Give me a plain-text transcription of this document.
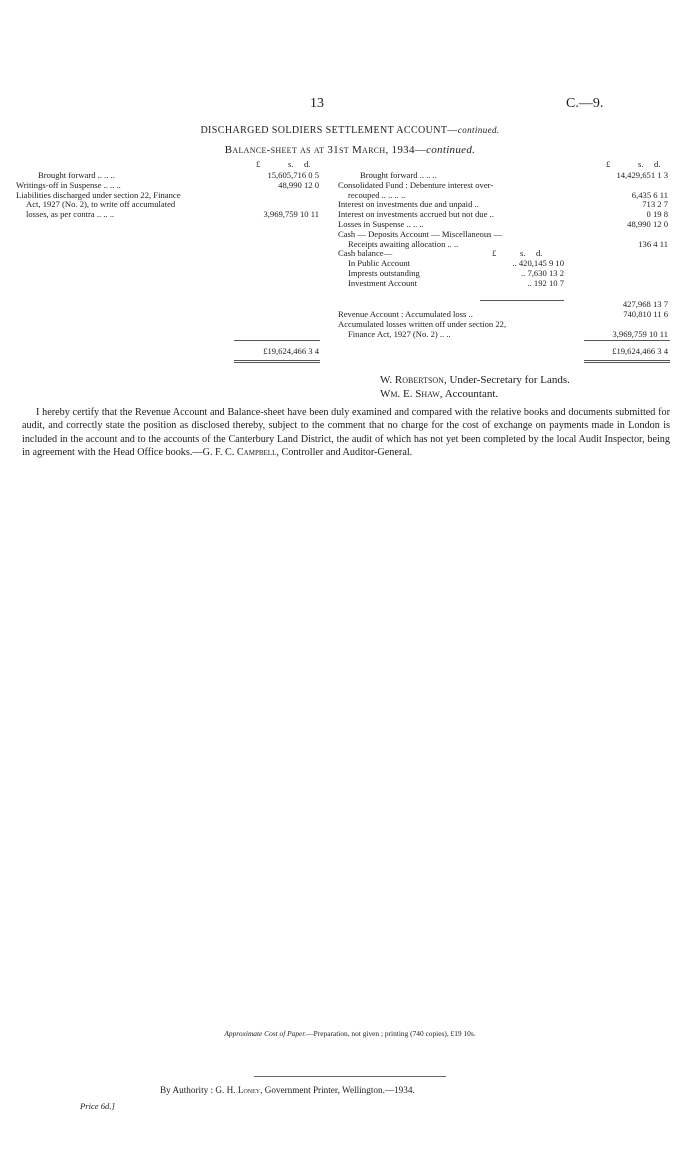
13	C.—9.
DISCHARGED SOLDIERS SETTLEMENT ACCOUNT—continued.
Balance-sheet as at 31st March, 1934—continued.
£	s. d.
Brought forward .. .. ..	15,605,716 0 5
Writings-off in Suspense .. .. ..	48,990 12 0
Liabilities discharged under section 22, Finance
Act, 1927 (No. 2), to write off accumulated
losses, as per contra .. .. ..	3,969,759 10 11
£19,624,466 3 4
£	s. d.
Brought forward .. .. ..	14,429,651 1 3
Consolidated Fund : Debenture interest over-
recouped .. .. .. ..	6,435 6 11
Interest on investments due and unpaid ..	713 2 7
Interest on investments accrued but not due ..	0 19 8
Losses in Suspense .. .. ..	48,990 12 0
Cash — Deposits Account — Miscellaneous —
Receipts awaiting allocation .. ..	136 4 11
Cash balance—	£	s. d.
In Public Account	.. 420,145 9 10
Imprests outstanding	.. 7,630 13 2
Investment Account	.. 192 10 7
427,968 13 7
Revenue Account : Accumulated loss ..	740,810 11 6
Accumulated losses written off under section 22,
Finance Act, 1927 (No. 2) .. ..	3,969,759 10 11
£19,624,466 3 4
W. Robertson, Under-Secretary for Lands.
Wm. E. Shaw, Accountant.
I hereby certify that the Revenue Account and Balance-sheet have been duly examined and compared with the relative books and documents submitted for audit, and correctly state the position as disclosed thereby, subject to the comment that no charge for the cost of exchange on payments made in London is included in the account and to the accounts of the Canterbury Land District, the audit of which has not yet been completed by the local Audit Inspector, being in agreement with the Head Office books.—G. F. C. Campbell, Controller and Auditor-General.
Approximate Cost of Paper.—Preparation, not given ; printing (740 copies), £19 10s.
By Authority : G. H. Loney, Government Printer, Wellington.—1934.
Price 6d.]
